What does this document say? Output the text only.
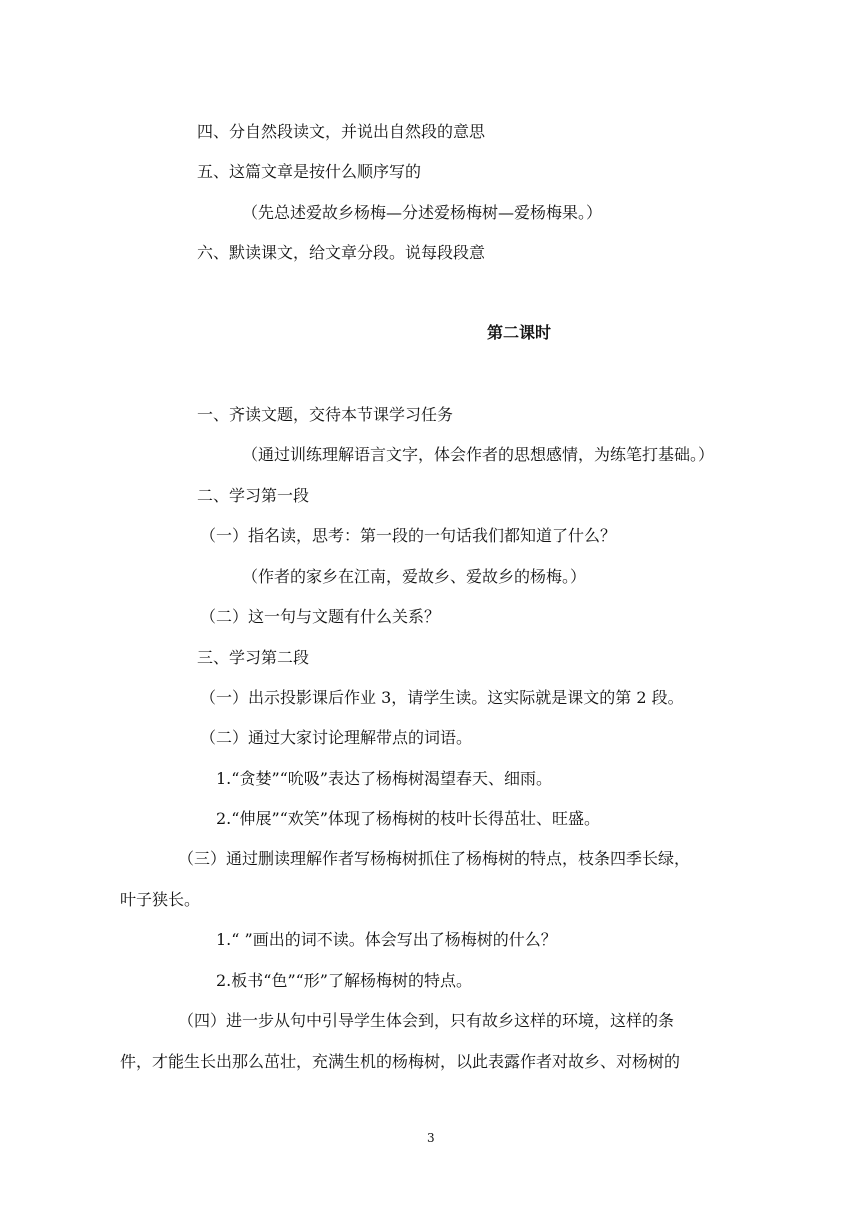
四、分自然段读文，并说出自然段的意思
五、这篇文章是按什么顺序写的
（先总述爱故乡杨梅—分述爱杨梅树—爱杨梅果。）
六、默读课文，给文章分段。说每段段意
第二课时
一、齐读文题，交待本节课学习任务
（通过训练理解语言文字，体会作者的思想感情，为练笔打基础。）
二、学习第一段
（一）指名读，思考：第一段的一句话我们都知道了什么？
（作者的家乡在江南，爱故乡、爱故乡的杨梅。）
（二）这一句与文题有什么关系？
三、学习第二段
（一）出示投影课后作业 3，请学生读。这实际就是课文的第 2 段。
（二）通过大家讨论理解带点的词语。
1.“贪婪”“吮吸”表达了杨梅树渴望春天、细雨。
2.“伸展”“欢笑”体现了杨梅树的枝叶长得茁壮、旺盛。
（三）通过删读理解作者写杨梅树抓住了杨梅树的特点，枝条四季长绿，
叶子狭长。
1.“ ”画出的词不读。体会写出了杨梅树的什么？
2.板书“色”“形”了解杨梅树的特点。
（四）进一步从句中引导学生体会到，只有故乡这样的环境，这样的条
件，才能生长出那么茁壮，充满生机的杨梅树，以此表露作者对故乡、对杨树的
3
